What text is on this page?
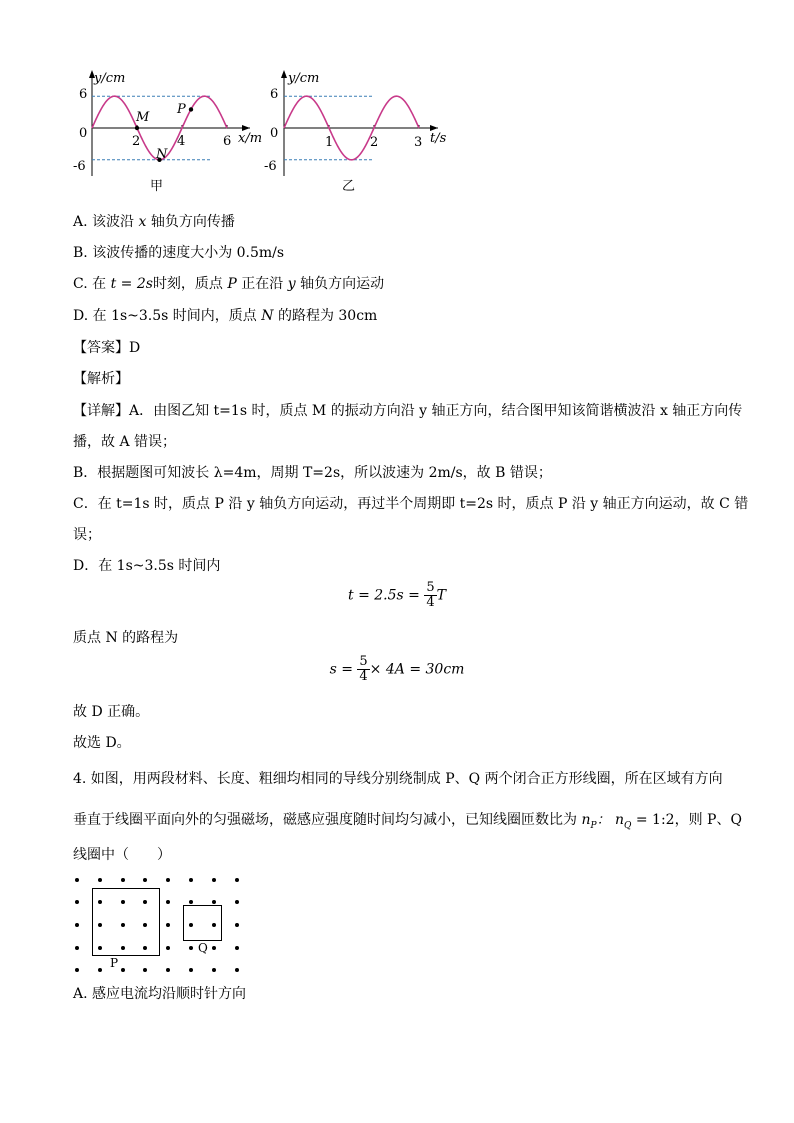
y/cm
x/m
6
0
-6
2	4	6
M
N
P
甲
y/cm
t/s
6
0
-6
1	2	3
乙
A. 该波沿 x 轴负方向传播
B. 该波传播的速度大小为 0.5m/s
C. 在 t = 2s时刻，质点 P 正在沿 y 轴负方向运动
D. 在 1s~3.5s 时间内，质点 N 的路程为 30cm
【答案】D
【解析】
【详解】A．由图乙知 t=1s 时，质点 M 的振动方向沿 y 轴正方向，结合图甲知该简谐横波沿 x 轴正方向传
播，故 A 错误；
B．根据题图可知波长 λ=4m，周期 T=2s，所以波速为 2m/s，故 B 错误；
C．在 t=1s 时，质点 P 沿 y 轴负方向运动，再过半个周期即 t=2s 时，质点 P 沿 y 轴正方向运动，故 C 错
误；
D．在 1s~3.5s 时间内
$t = 2.5s = \frac{5}{4}$ T
质点 N 的路程为
$s = \frac{5}{4} \times 4A = 30cm$
故 D 正确。
故选 D。
4. 如图，用两段材料、长度、粗细均相同的导线分别绕制成 P、Q 两个闭合正方形线圈，所在区域有方向
垂直于线圈平面向外的匀强磁场，磁感应强度随时间均匀减小，已知线圈匝数比为 $n_P$： $n_Q$ = 1:2，则 P、Q
线圈中（　　）
P
Q
A. 感应电流均沿顺时针方向
